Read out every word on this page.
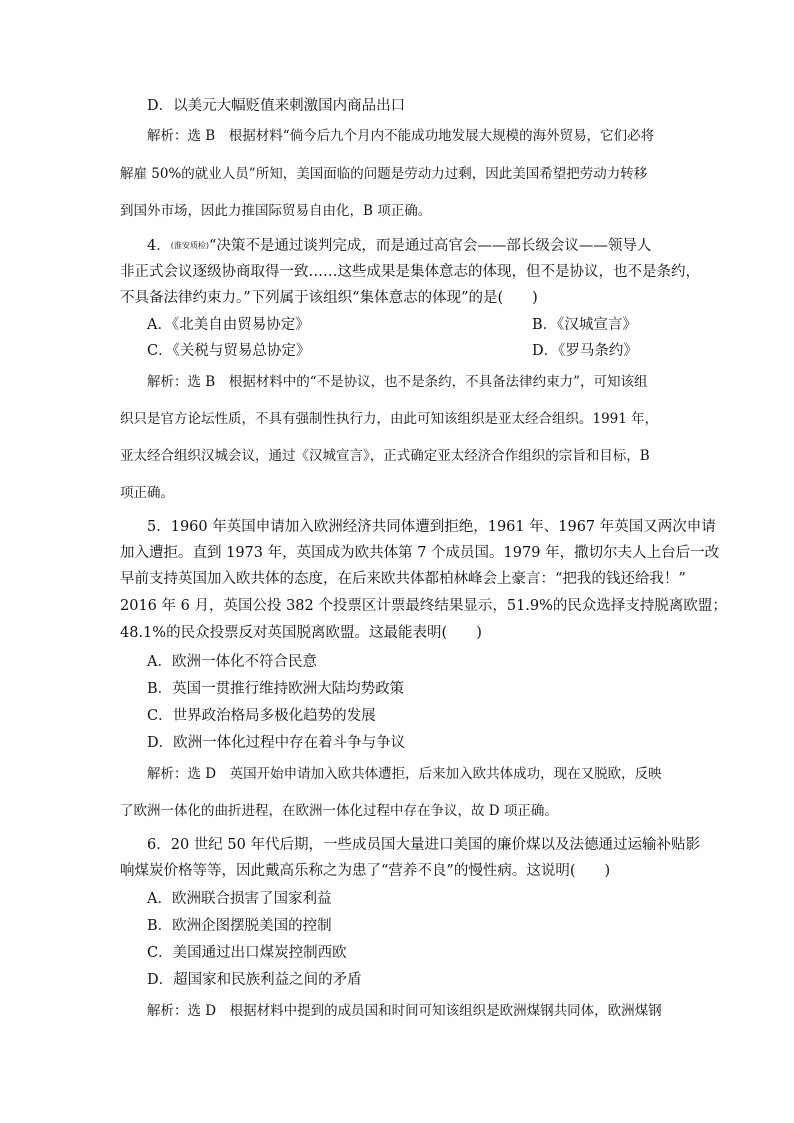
D．以美元大幅贬值来刺激国内商品出口
解析：选 B　根据材料“倘今后九个月内不能成功地发展大规模的海外贸易，它们必将
解雇 50%的就业人员”所知，美国面临的问题是劳动力过剩，因此美国希望把劳动力转移
到国外市场，因此力推国际贸易自由化，B 项正确。
4．(淮安质检)“决策不是通过谈判完成，而是通过高官会——部长级会议——领导人
非正式会议逐级协商取得一致……这些成果是集体意志的体现，但不是协议，也不是条约，
不具备法律约束力。”下列属于该组织“集体意志的体现”的是(　　)
A．《北美自由贸易协定》	B．《汉城宣言》
C．《关税与贸易总协定》	D．《罗马条约》
解析：选 B　根据材料中的“不是协议，也不是条约，不具备法律约束力”，可知该组
织只是官方论坛性质，不具有强制性执行力，由此可知该组织是亚太经合组织。1991 年，
亚太经合组织汉城会议，通过《汉城宣言》，正式确定亚太经济合作组织的宗旨和目标，B
项正确。
5．1960 年英国申请加入欧洲经济共同体遭到拒绝，1961 年、1967 年英国又两次申请
加入遭拒。直到 1973 年，英国成为欧共体第 7 个成员国。1979 年，撒切尔夫人上台后一改
早前支持英国加入欧共体的态度，在后来欧共体都柏林峰会上豪言：“把我的钱还给我！”
2016 年 6 月，英国公投 382 个投票区计票最终结果显示，51.9%的民众选择支持脱离欧盟；
48.1%的民众投票反对英国脱离欧盟。这最能表明(　　)
A．欧洲一体化不符合民意
B．英国一贯推行维持欧洲大陆均势政策
C．世界政治格局多极化趋势的发展
D．欧洲一体化过程中存在着斗争与争议
解析：选 D　英国开始申请加入欧共体遭拒，后来加入欧共体成功，现在又脱欧，反映
了欧洲一体化的曲折进程，在欧洲一体化过程中存在争议，故 D 项正确。
6．20 世纪 50 年代后期，一些成员国大量进口美国的廉价煤以及法德通过运输补贴影
响煤炭价格等等，因此戴高乐称之为患了“营养不良”的慢性病。这说明(　　)
A．欧洲联合损害了国家利益
B．欧洲企图摆脱美国的控制
C．美国通过出口煤炭控制西欧
D．超国家和民族利益之间的矛盾
解析：选 D　根据材料中提到的成员国和时间可知该组织是欧洲煤钢共同体，欧洲煤钢
